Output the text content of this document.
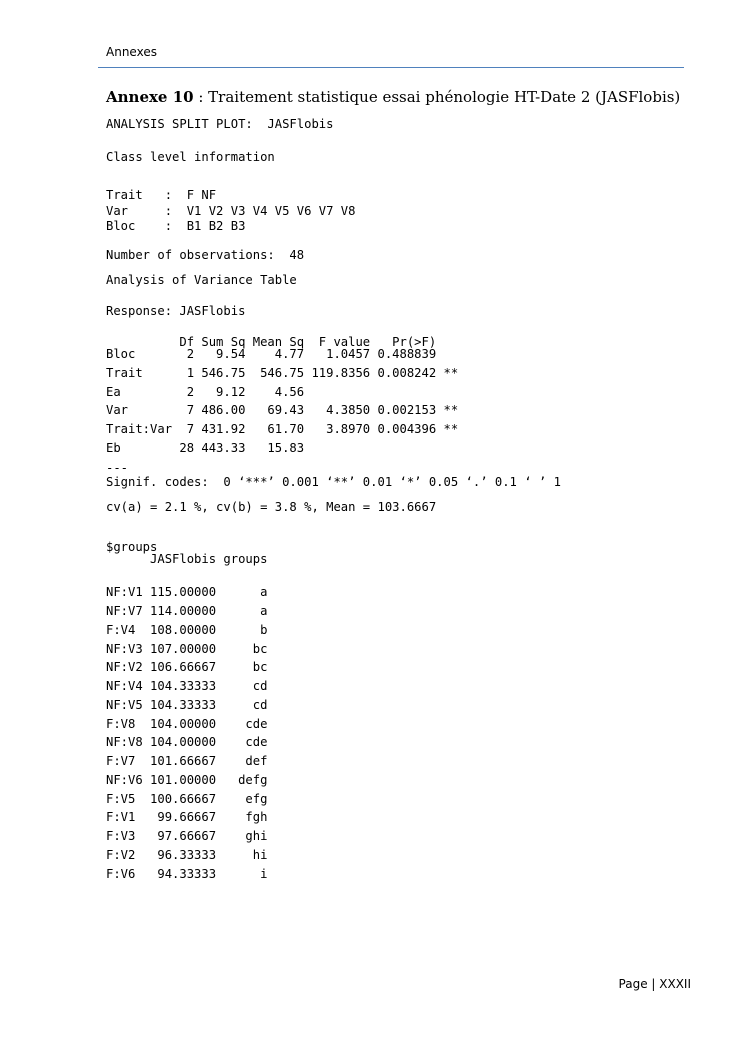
Annexes
Annexe 10 : Traitement statistique essai phénologie HT-Date 2 (JASFlobis)
ANALYSIS SPLIT PLOT:  JASFlobis
Class level information
Trait   :  F NF
Var     :  V1 V2 V3 V4 V5 V6 V7 V8
Bloc    :  B1 B2 B3
Number of observations:  48
Analysis of Variance Table
Response: JASFlobis
Df Sum Sq Mean Sq  F value   Pr(>F)
Bloc       2   9.54    4.77   1.0457 0.488839
Trait      1 546.75  546.75 119.8356 0.008242 **
Ea         2   9.12    4.56
Var        7 486.00   69.43   4.3850 0.002153 **
Trait:Var  7 431.92   61.70   3.8970 0.004396 **
Eb        28 443.33   15.83
---
Signif. codes:  0 ‘***’ 0.001 ‘**’ 0.01 ‘*’ 0.05 ‘.’ 0.1 ‘ ’ 1
cv(a) = 2.1 %, cv(b) = 3.8 %, Mean = 103.6667
$groups
JASFlobis groups
NF:V1 115.00000      a
NF:V7 114.00000      a
F:V4  108.00000      b
NF:V3 107.00000     bc
NF:V2 106.66667     bc
NF:V4 104.33333     cd
NF:V5 104.33333     cd
F:V8  104.00000    cde
NF:V8 104.00000    cde
F:V7  101.66667    def
NF:V6 101.00000   defg
F:V5  100.66667    efg
F:V1   99.66667    fgh
F:V3   97.66667    ghi
F:V2   96.33333     hi
F:V6   94.33333      i
Page | XXXII
